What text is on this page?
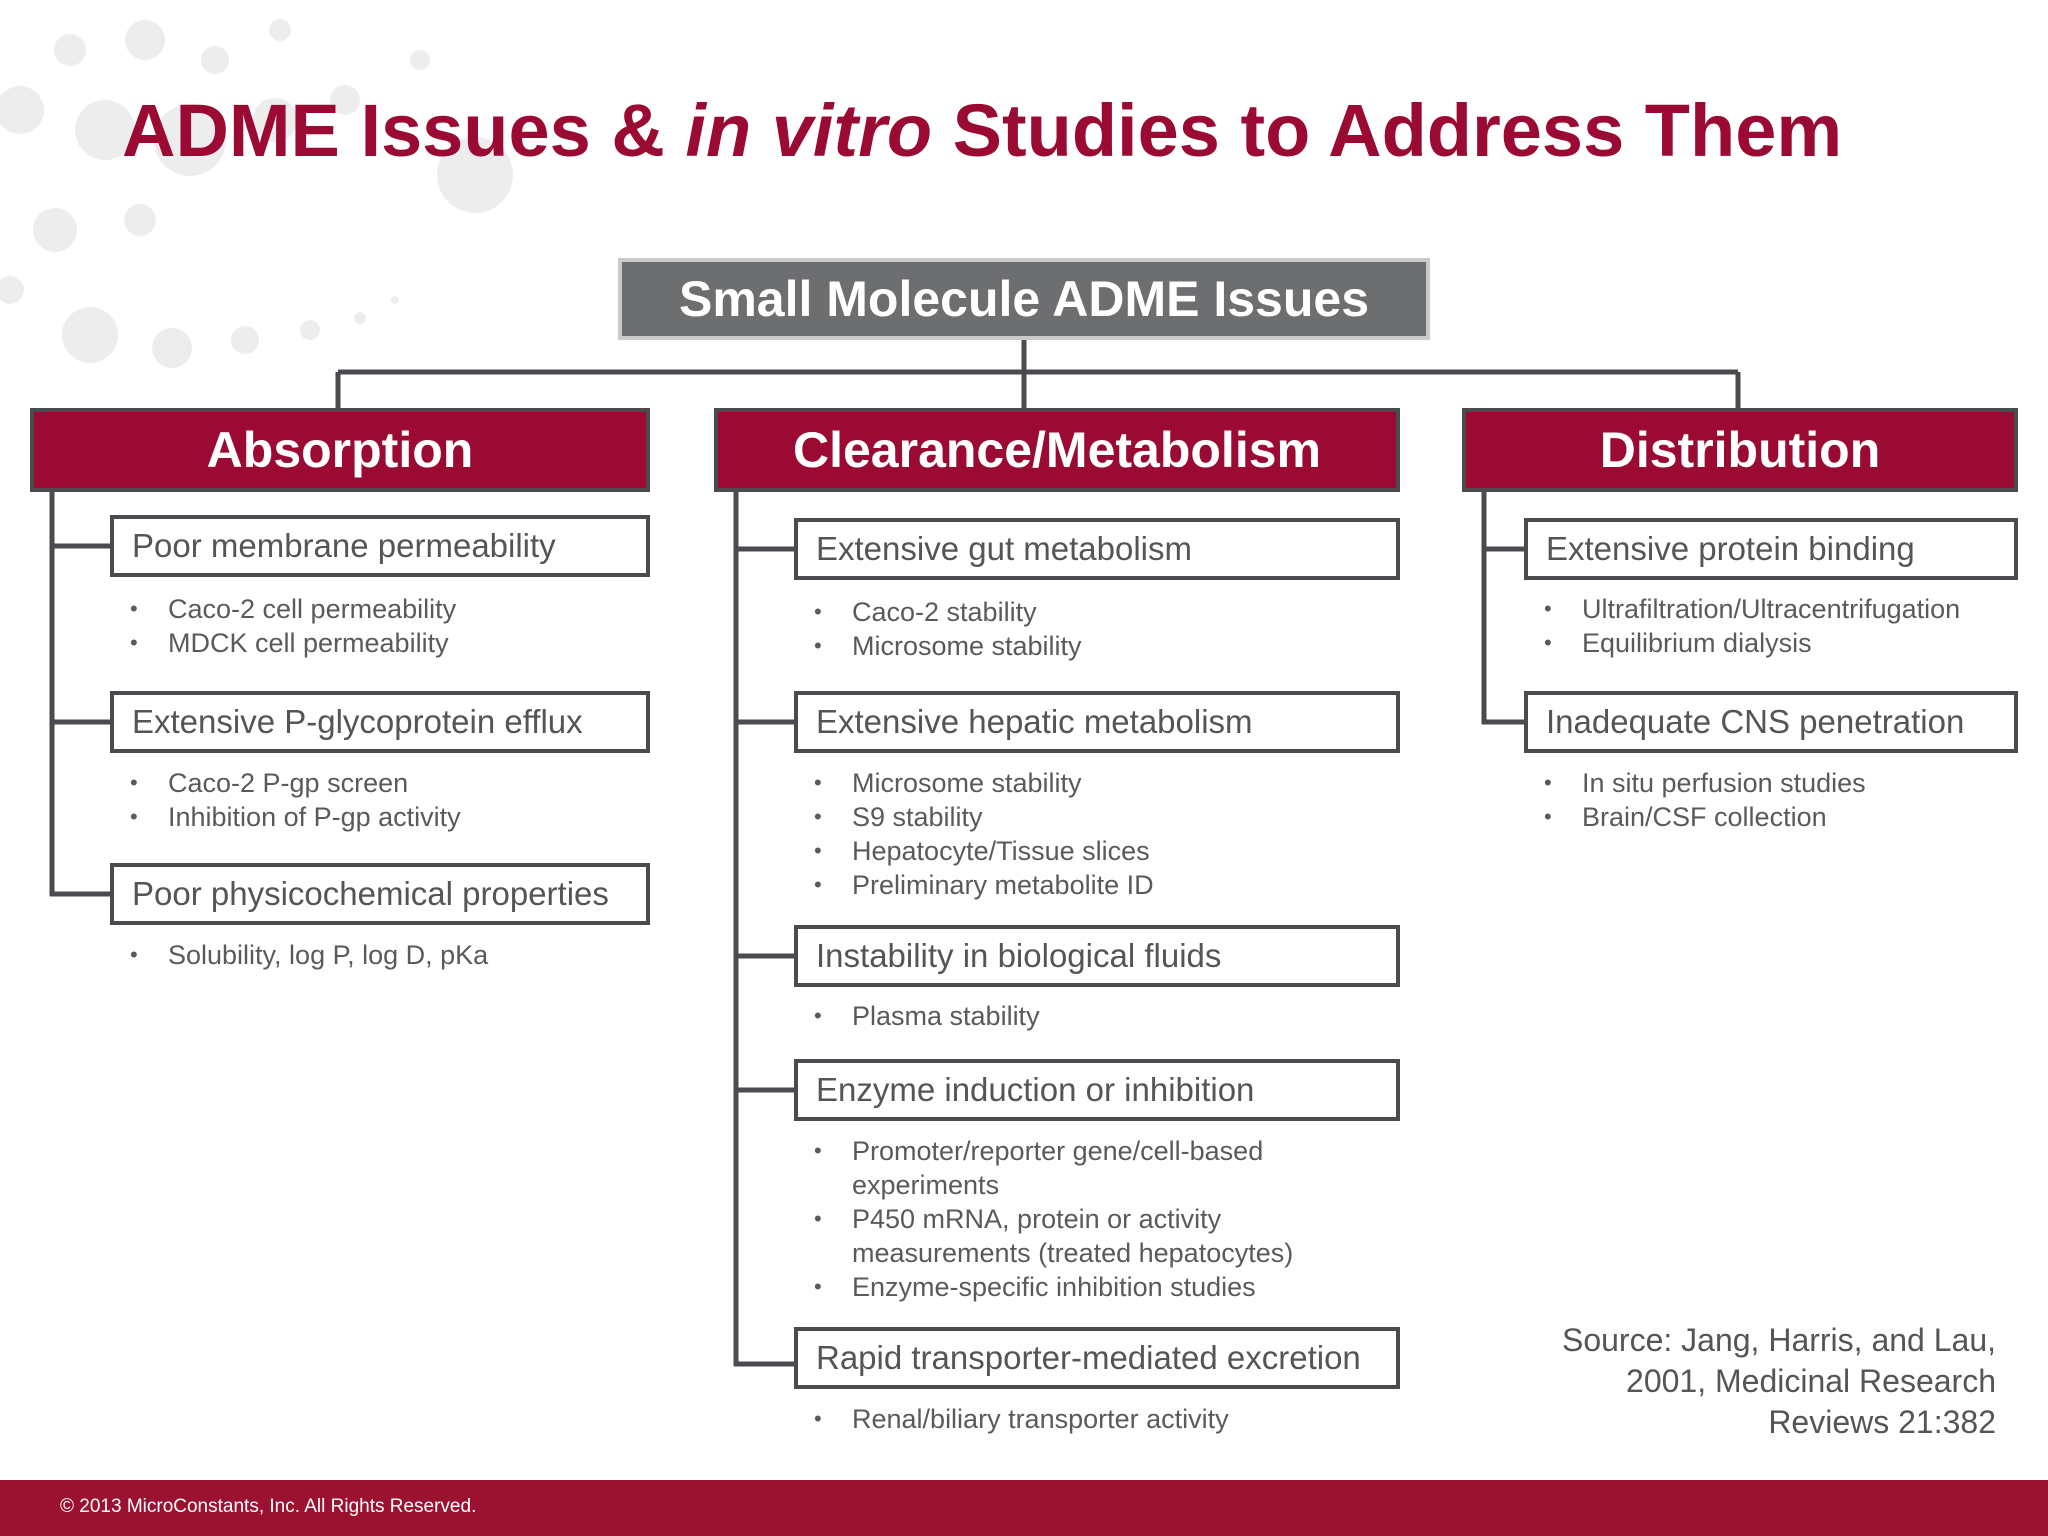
ADME Issues & in vitro Studies to Address Them
Small Molecule ADME Issues
Absorption	Clearance/Metabolism	Distribution
Poor membrane permeability
• Caco-2 cell permeability
• MDCK cell permeability
Extensive P-glycoprotein efflux
• Caco-2 P-gp screen
• Inhibition of P-gp activity
Poor physicochemical properties
• Solubility, log P, log D, pKa
Extensive gut metabolism
• Caco-2 stability
• Microsome stability
Extensive hepatic metabolism
• Microsome stability
• S9 stability
• Hepatocyte/Tissue slices
• Preliminary metabolite ID
Instability in biological fluids
• Plasma stability
Enzyme induction or inhibition
• Promoter/reporter gene/cell-based experiments
• P450 mRNA, protein or activity measurements (treated hepatocytes)
• Enzyme-specific inhibition studies
Rapid transporter-mediated excretion
• Renal/biliary transporter activity
Extensive protein binding
• Ultrafiltration/Ultracentrifugation
• Equilibrium dialysis
Inadequate CNS penetration
• In situ perfusion studies
• Brain/CSF collection
Source: Jang, Harris, and Lau,
2001, Medicinal Research
Reviews 21:382
© 2013 MicroConstants, Inc. All Rights Reserved.
